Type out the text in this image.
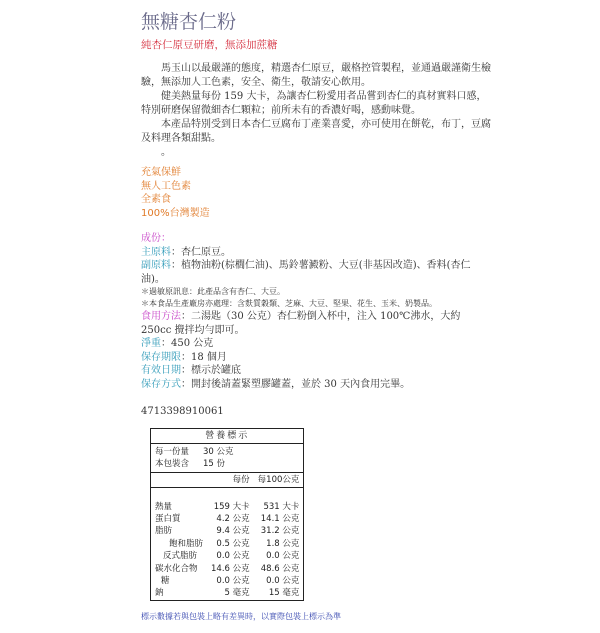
無糖杏仁粉
純杏仁原豆研磨，無添加蔗糖

馬玉山以最嚴謹的態度，精選杏仁原豆，嚴格控管製程，並通過嚴謹衛生檢驗，無添加人工色素，安全、衛生，敬請安心飲用。

健美熱量每份 159 大卡，為讓杏仁粉愛用者品嘗到杏仁的真材實料口感，特別研磨保留微細杏仁顆粒；前所未有的香濃好喝，感動味覺。

本產品特別受到日本杏仁豆腐布丁產業喜愛，亦可使用在餅乾，布丁，豆腐及料理各類甜點。

。
充氣保鮮
無人工色素
全素食
100%台灣製造
成份：
主原料：杏仁原豆。
副原料：植物油粉(棕櫚仁油)、馬鈴薯澱粉、大豆(非基因改造)、香料(杏仁油)。
＊過敏原訊息：此產品含有杏仁、大豆。
＊本食品生產廠房亦處理：含麩質穀類、芝麻、大豆、堅果、花生、玉米、奶製品。
食用方法：二湯匙（30 公克）杏仁粉倒入杯中，注入 100℃沸水，大約 250cc 攪拌均勻即可。
淨重：450 公克
保存期限：18 個月
有效日期：標示於罐底
保存方式：開封後請蓋緊塑膠罐蓋，並於 30 天內食用完畢。
4713398910061
營養標示
每一份量 30 公克
本包裝含 15 份
	每份	每100公克

熱量	159 大卡	531 大卡
蛋白質	4.2 公克	14.1 公克
脂肪	9.4 公克	31.2 公克
飽和脂肪	0.5 公克	1.8 公克
反式脂肪	0.0 公克	0.0 公克
碳水化合物	14.6 公克	48.6 公克
糖	0.0 公克	0.0 公克
鈉	5 毫克	15 毫克
標示數據若與包裝上略有差異時，以實際包裝上標示為準
